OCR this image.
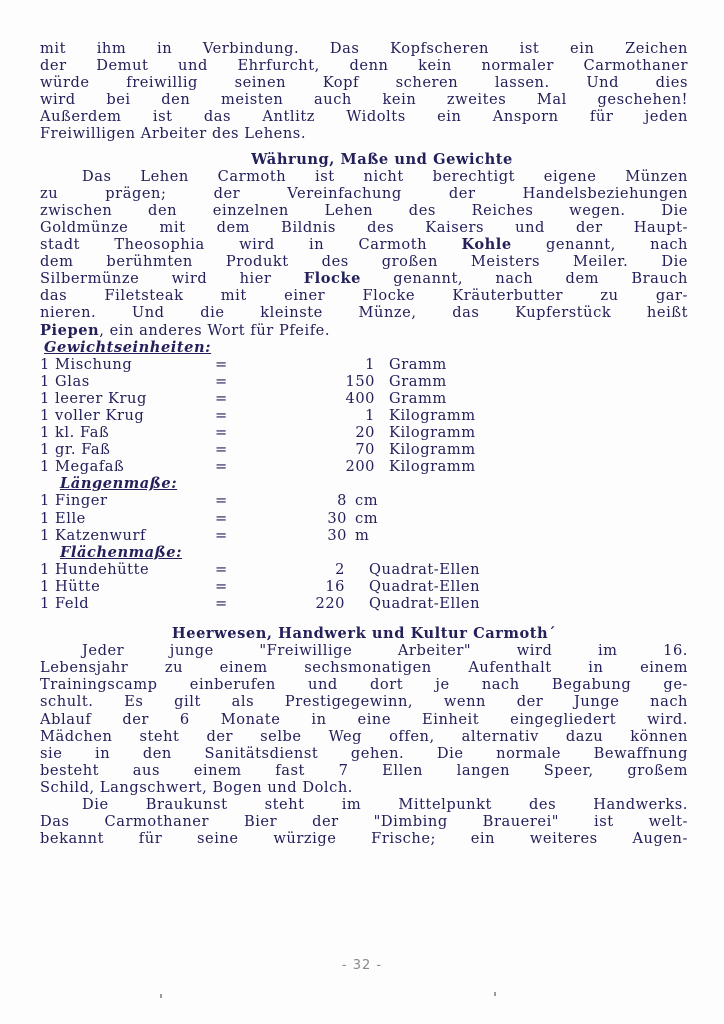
mit ihm in Verbindung. Das Kopfscheren ist ein Zeichen
der Demut und Ehrfurcht, denn kein normaler Carmothaner
würde freiwillig seinen Kopf scheren lassen. Und dies
wird bei den meisten auch kein zweites Mal geschehen!
Außerdem ist das Antlitz Widolts ein Ansporn für jeden
Freiwilligen Arbeiter des Lehens.
Währung, Maße und Gewichte
Das Lehen Carmoth ist nicht berechtigt eigene Münzen
zu prägen; der Vereinfachung der Handelsbeziehungen
zwischen den einzelnen Lehen des Reiches wegen. Die
Goldmünze mit dem Bildnis des Kaisers und der Haupt-
stadt Theosophia wird in Carmoth Kohle genannt, nach
dem berühmten Produkt des großen Meisters Meiler. Die
Silbermünze wird hier Flocke genannt, nach dem Brauch
das Filetsteak mit einer Flocke Kräuterbutter zu gar-
nieren. Und die kleinste Münze, das Kupferstück heißt
Piepen, ein anderes Wort für Pfeife.
Gewichtseinheiten:
1 Mischung	=	1	Gramm
1 Glas	=	150	Gramm
1 leerer Krug	=	400	Gramm
1 voller Krug	=	1	Kilogramm
1 kl. Faß	=	20	Kilogramm
1 gr. Faß	=	70	Kilogramm
1 Megafaß	=	200	Kilogramm
Längenmaße:
1 Finger	=	8	cm
1 Elle	=	30	cm
1 Katzenwurf	=	30	m
Flächenmaße:
1 Hundehütte	=	2	Quadrat-Ellen
1 Hütte	=	16	Quadrat-Ellen
1 Feld	=	220	Quadrat-Ellen
Heerwesen, Handwerk und Kultur Carmoth´
Jeder junge "Freiwillige Arbeiter" wird im 16.
Lebensjahr zu einem sechsmonatigen Aufenthalt in einem
Trainingscamp einberufen und dort je nach Begabung ge-
schult. Es gilt als Prestigegewinn, wenn der Junge nach
Ablauf der 6 Monate in eine Einheit eingegliedert wird.
Mädchen steht der selbe Weg offen, alternativ dazu können
sie in den Sanitätsdienst gehen. Die normale Bewaffnung
besteht aus einem fast 7 Ellen langen Speer, großem
Schild, Langschwert, Bogen und Dolch.
Die Braukunst steht im Mittelpunkt des Handwerks.
Das Carmothaner Bier der "Dimbing Brauerei" ist welt-
bekannt für seine würzige Frische; ein weiteres Augen-
- 32 -
